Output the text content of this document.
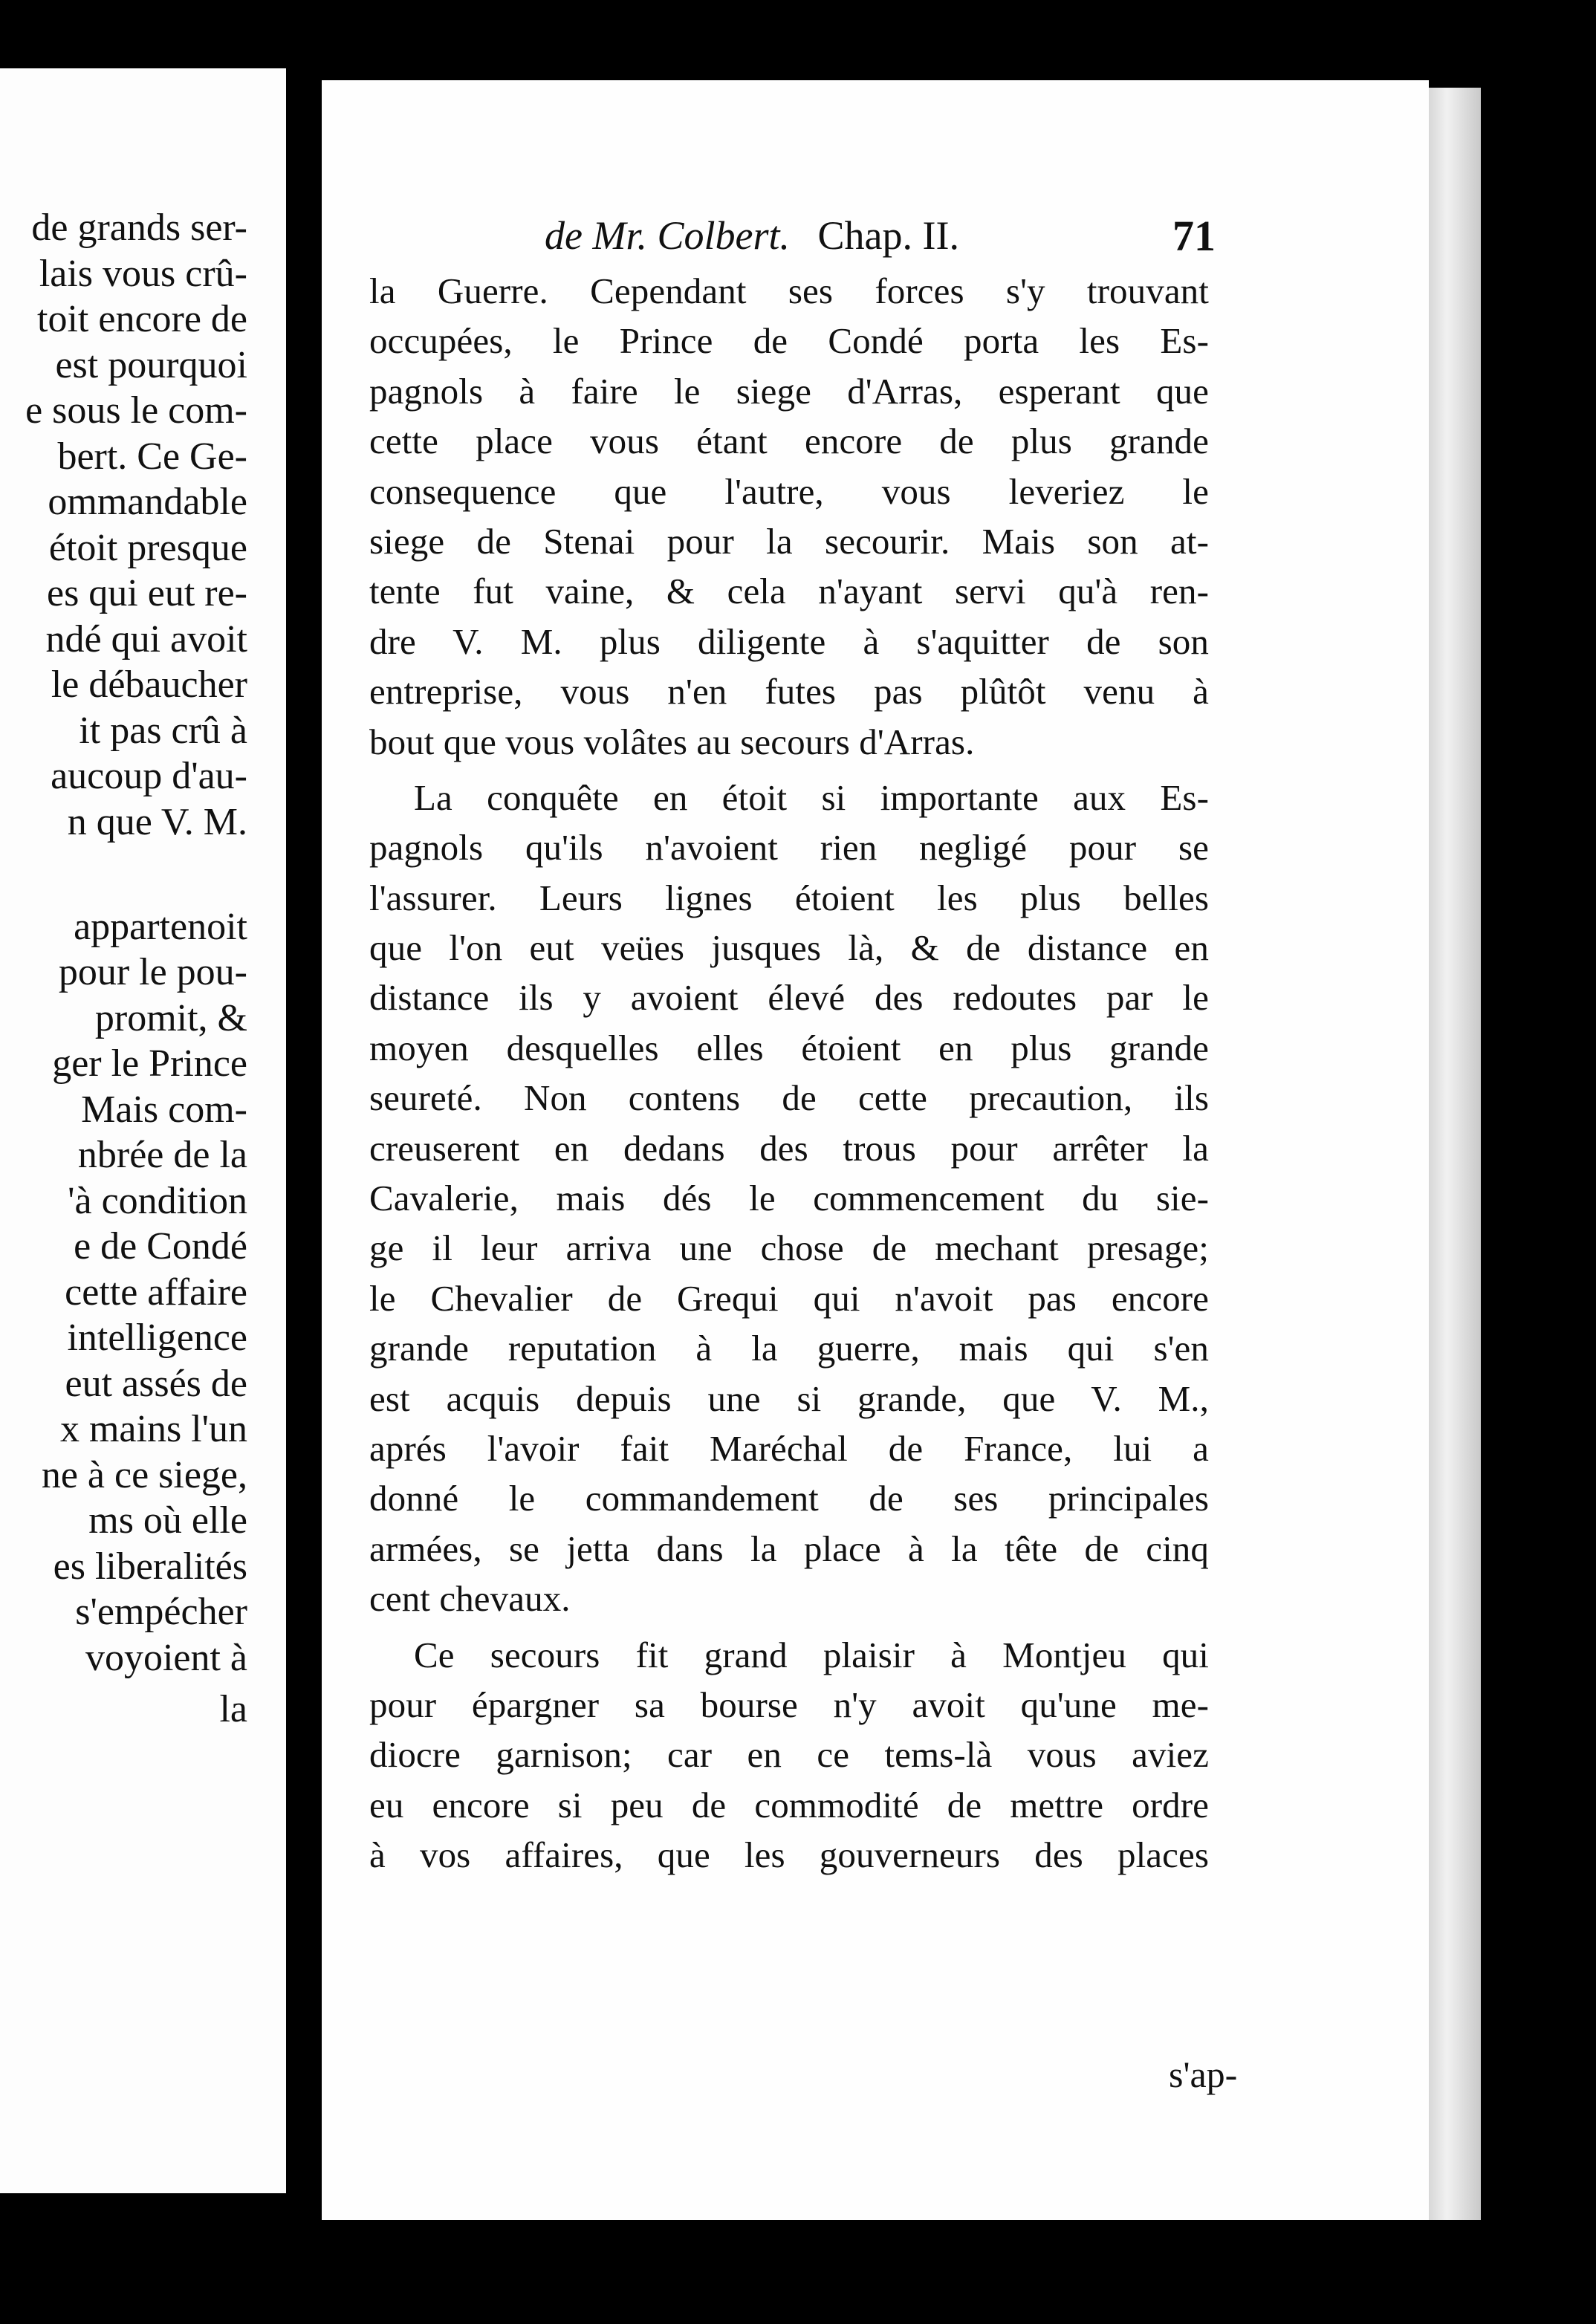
de grands ser-
lais vous crû-
toit encore de
est pourquoi
e sous le com-
bert. Ce Ge-
ommandable
étoit presque
es qui eut re-
ndé qui avoit
le débaucher
it pas crû à
aucoup d'au-
n que V. M.
appartenoit
pour le pou-
promit, &
ger le Prince
Mais com-
nbrée de la
'à condition
e de Condé
cette affaire
intelligence
eut assés de
x mains l'un
ne à ce siege,
ms où elle
es liberalités
s'empécher
voyoient à
la
de Mr. Colbert. Chap. II.	71
la Guerre. Cependant ses forces s'y trouvant
occupées, le Prince de Condé porta les Es-
pagnols à faire le siege d'Arras, esperant que
cette place vous étant encore de plus grande
consequence que l'autre, vous leveriez le
siege de Stenai pour la secourir. Mais son at-
tente fut vaine, & cela n'ayant servi qu'à ren-
dre V. M. plus diligente à s'aquitter de son
entreprise, vous n'en futes pas plûtôt venu à
bout que vous volâtes au secours d'Arras.
La conquête en étoit si importante aux Es-
pagnols qu'ils n'avoient rien negligé pour se
l'assurer. Leurs lignes étoient les plus belles
que l'on eut veües jusques là, & de distance en
distance ils y avoient élevé des redoutes par le
moyen desquelles elles étoient en plus grande
seureté. Non contens de cette precaution, ils
creuserent en dedans des trous pour arrêter la
Cavalerie, mais dés le commencement du sie-
ge il leur arriva une chose de mechant presage;
le Chevalier de Grequi qui n'avoit pas encore
grande reputation à la guerre, mais qui s'en
est acquis depuis une si grande, que V. M.,
aprés l'avoir fait Maréchal de France, lui a
donné le commandement de ses principales
armées, se jetta dans la place à la tête de cinq
cent chevaux.
Ce secours fit grand plaisir à Montjeu qui
pour épargner sa bourse n'y avoit qu'une me-
diocre garnison; car en ce tems-là vous aviez
eu encore si peu de commodité de mettre ordre
à vos affaires, que les gouverneurs des places
s'ap-
